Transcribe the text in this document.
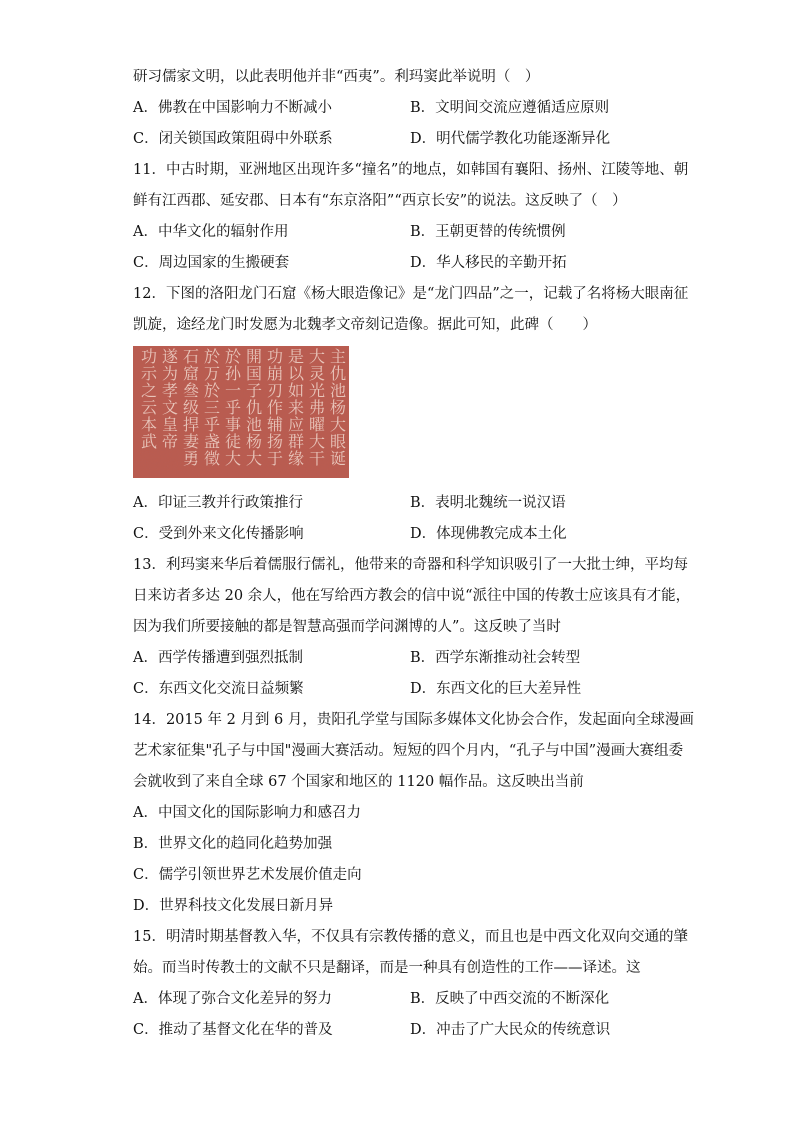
研习儒家文明，以此表明他并非“西夷”。利玛窦此举说明（　）
A．佛教在中国影响力不断减小	B．文明间交流应遵循适应原则
C．闭关锁国政策阻碍中外联系	D．明代儒学教化功能逐渐异化
11．中古时期，亚洲地区出现许多“撞名”的地点，如韩国有襄阳、扬州、江陵等地、朝
鲜有江西郡、延安郡、日本有“东京洛阳”“西京长安”的说法。这反映了（　）
A．中华文化的辐射作用	B．王朝更替的传统惯例
C．周边国家的生搬硬套	D．华人移民的辛勤开拓
12．下图的洛阳龙门石窟《杨大眼造像记》是“龙门四品”之一，记载了名将杨大眼南征
凯旋，途经龙门时发愿为北魏孝文帝刻记造像。据此可知，此碑（　　）
主
仇
池
杨
大
眼
诞
大
灵
光
弗
曜
大
干
是
以
如
来
应
群
缘
功
崩
刃
作
辅
扬
于
開
国
子
仇
池
杨
大
於
孙
一
乎
事
徒
大
於
万
於
三
乎
盏
徵
石
窟
叄
级
捍
妻
勇
遂
为
孝
文
皇
帝
功
示
之
云
本
武
A．印证三教并行政策推行	B．表明北魏统一说汉语
C．受到外来文化传播影响	D．体现佛教完成本土化
13．利玛窦来华后着儒服行儒礼，他带来的奇器和科学知识吸引了一大批士绅，平均每
日来访者多达 20 余人，他在写给西方教会的信中说“派往中国的传教士应该具有才能，
因为我们所要接触的都是智慧高强而学问渊博的人”。这反映了当时
A．西学传播遭到强烈抵制	B．西学东渐推动社会转型
C．东西文化交流日益频繁	D．东西文化的巨大差异性
14．2015 年 2 月到 6 月，贵阳孔学堂与国际多媒体文化协会合作，发起面向全球漫画
艺术家征集"孔子与中国"漫画大赛活动。短短的四个月内，“孔子与中国”漫画大赛组委
会就收到了来自全球 67 个国家和地区的 1120 幅作品。这反映出当前
A．中国文化的国际影响力和感召力
B．世界文化的趋同化趋势加强
C．儒学引领世界艺术发展价值走向
D．世界科技文化发展日新月异
15．明清时期基督教入华，不仅具有宗教传播的意义，而且也是中西文化双向交通的肇
始。而当时传教士的文献不只是翻译，而是一种具有创造性的工作——译述。这
A．体现了弥合文化差异的努力	B．反映了中西交流的不断深化
C．推动了基督文化在华的普及	D．冲击了广大民众的传统意识
